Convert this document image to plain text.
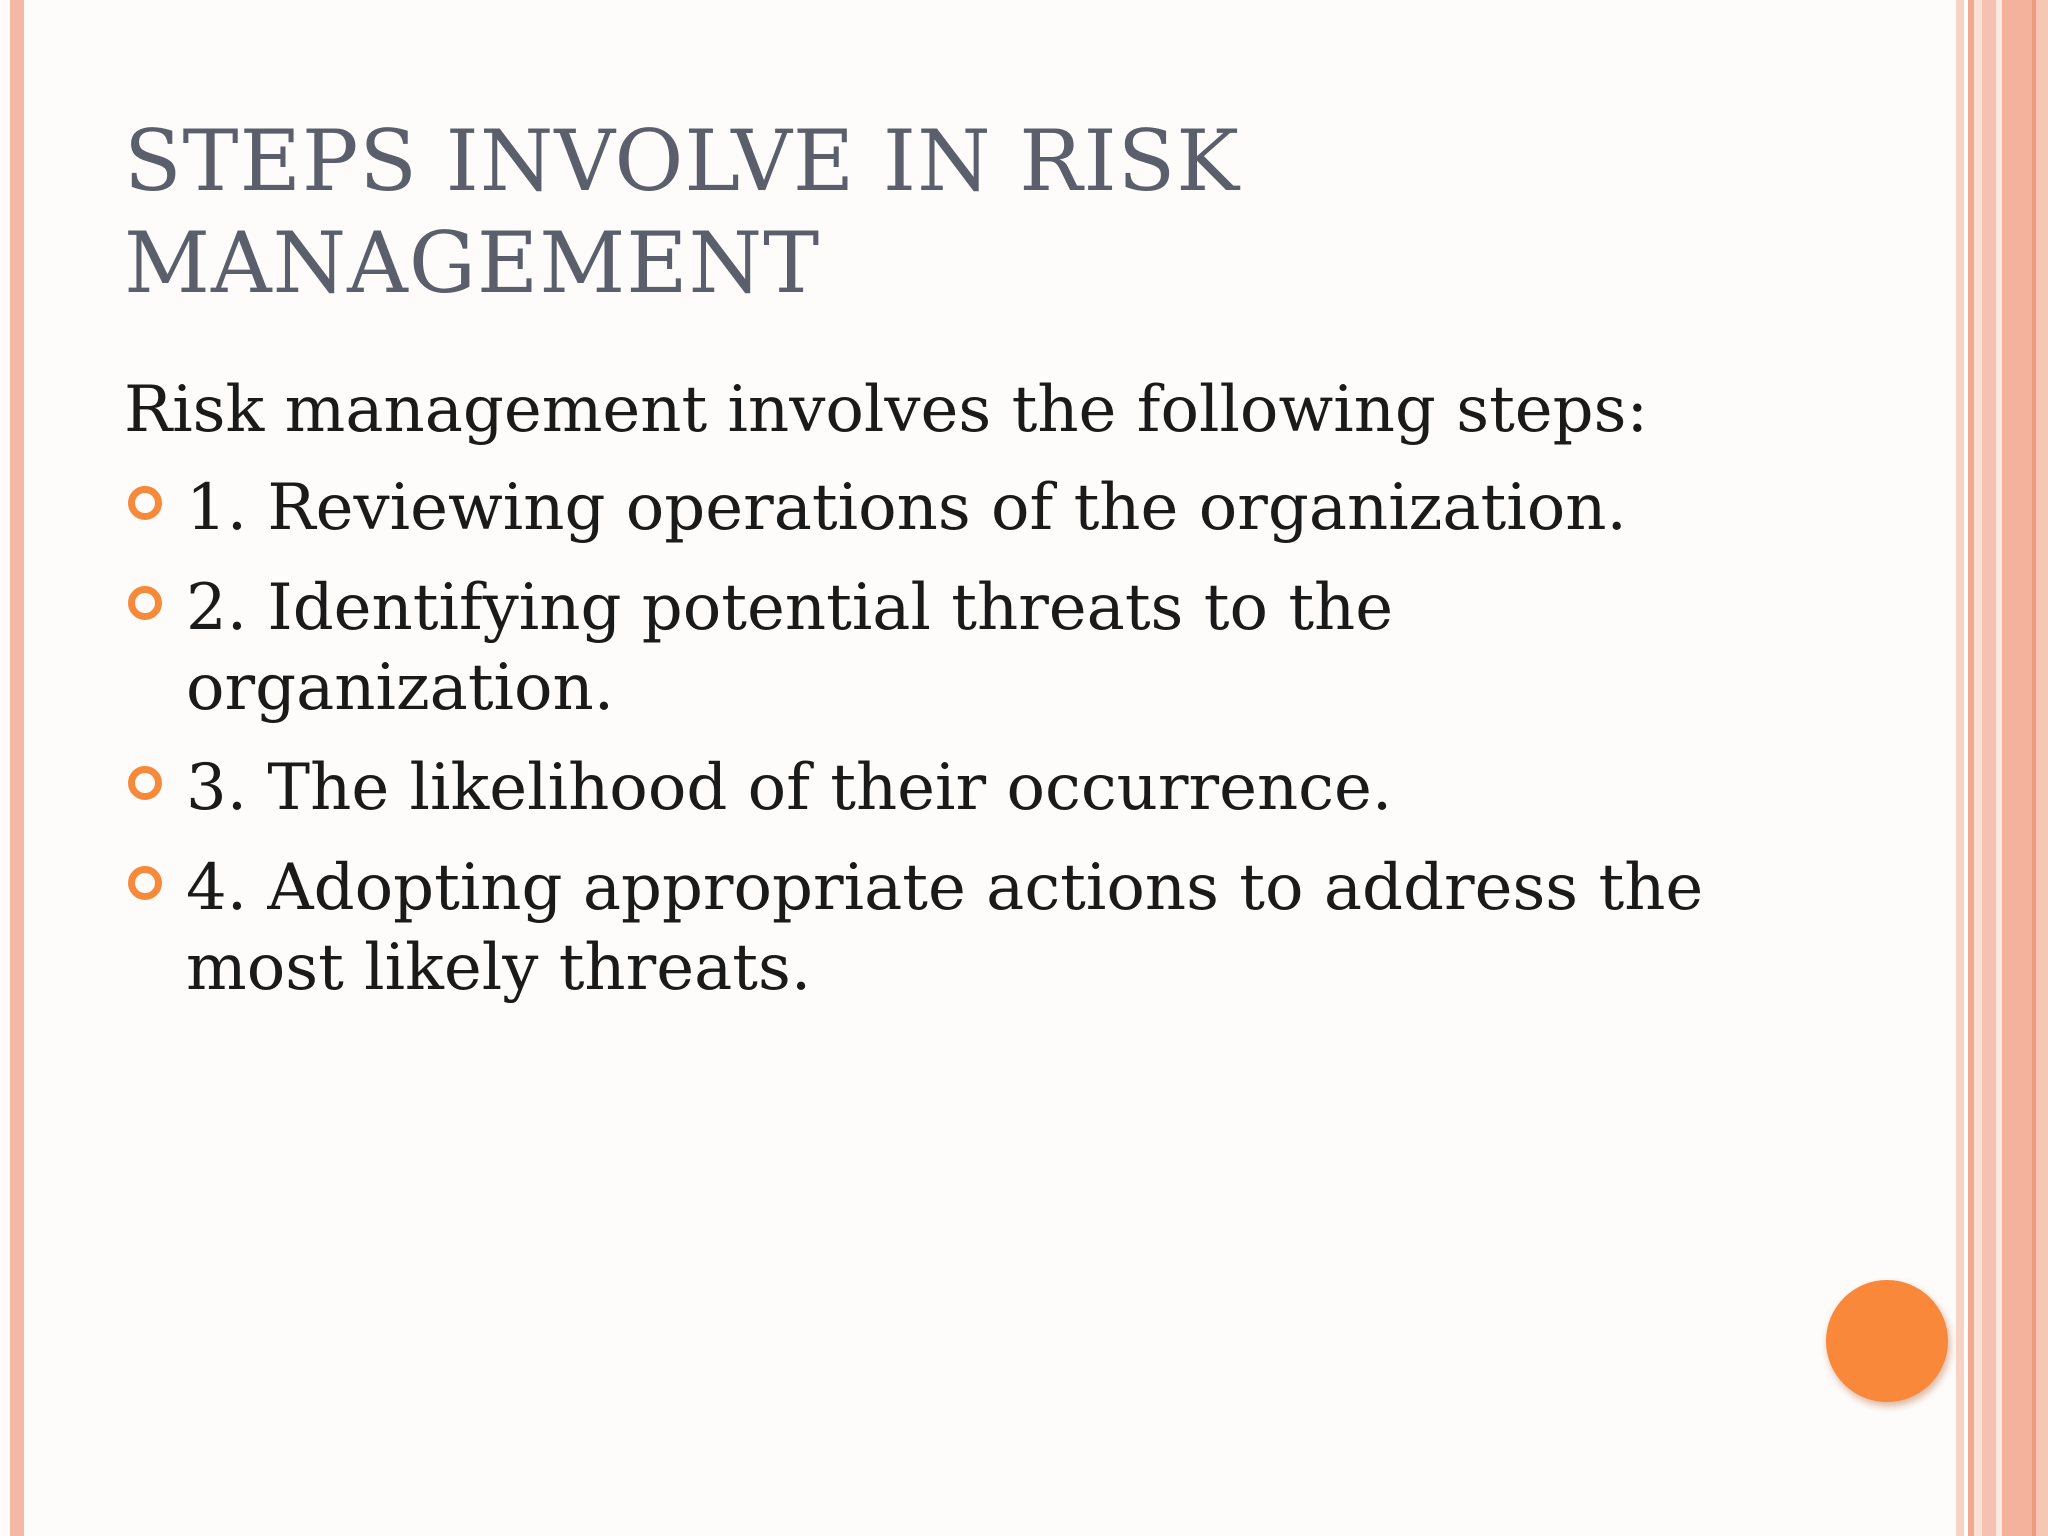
STEPS INVOLVE IN RISK MANAGEMENT

Risk management involves the following steps:

1. Reviewing operations of the organization.
2. Identifying potential threats to the organization.
3. The likelihood of their occurrence.
4. Adopting appropriate actions to address the most likely threats.
